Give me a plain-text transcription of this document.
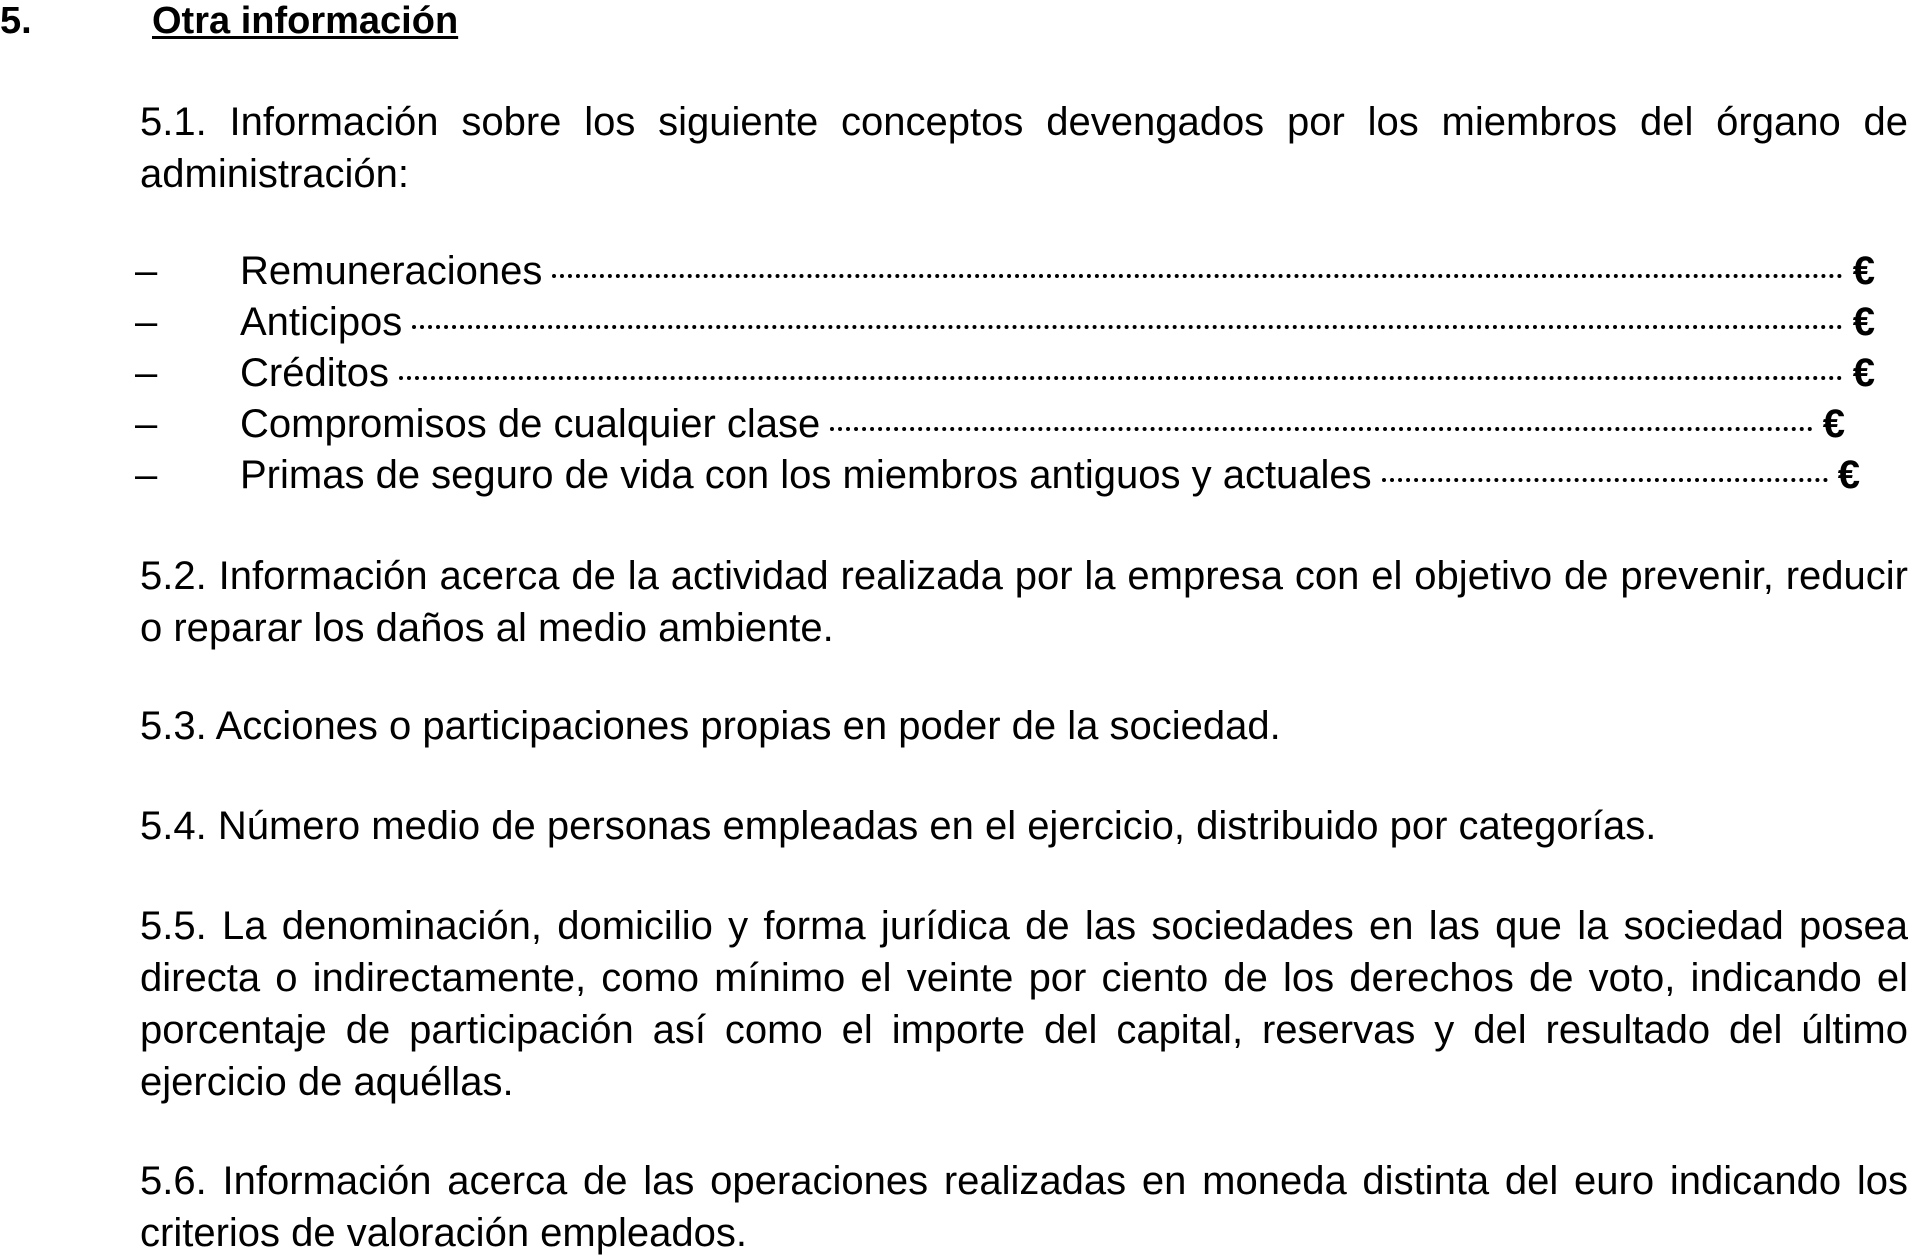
5.	Otra información
5.1. Información sobre los siguiente conceptos devengados por los miembros del órgano de administración:
– Remuneraciones	€
– Anticipos	€
– Créditos	€
– Compromisos de cualquier clase	€
– Primas de seguro de vida con los miembros antiguos y actuales	€
5.2. Información acerca de la actividad realizada por la empresa con el objetivo de prevenir, reducir o reparar los daños al medio ambiente.
5.3. Acciones o participaciones propias en poder de la sociedad.
5.4. Número medio de personas empleadas en el ejercicio, distribuido por categorías.
5.5. La denominación, domicilio y forma jurídica de las sociedades en las que la sociedad posea directa o indirectamente, como mínimo el veinte por ciento de los derechos de voto, indicando el porcentaje de participación así como el importe del capital, reservas y del resultado del último ejercicio de aquéllas.
5.6. Información acerca de las operaciones realizadas en moneda distinta del euro indicando los criterios de valoración empleados.
